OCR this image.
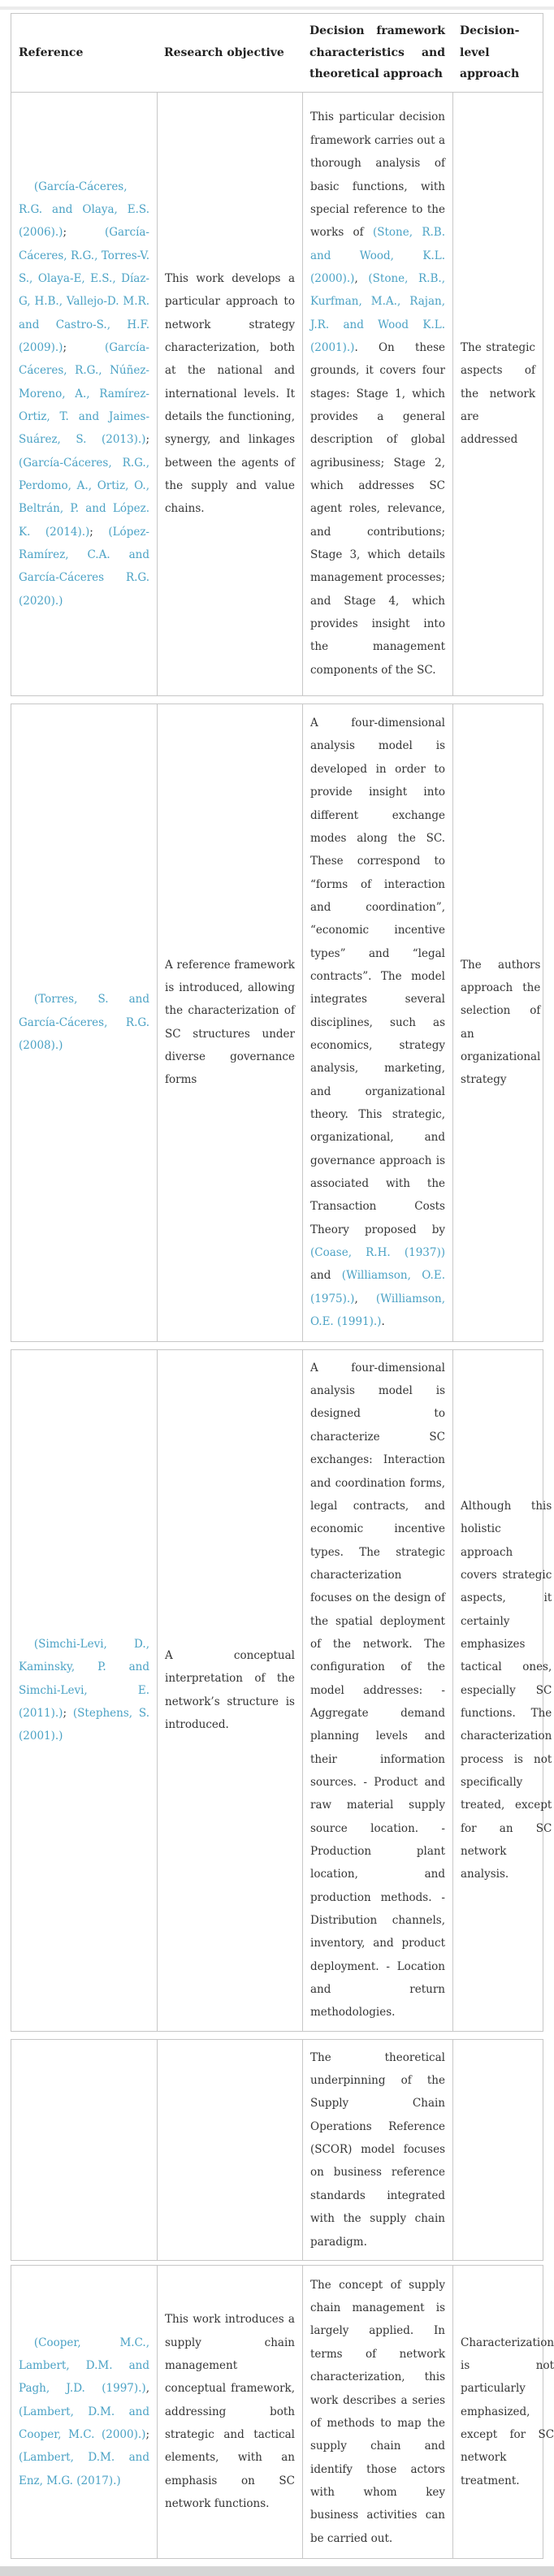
Reference	Research objective
Decision framework characteristics and theoretical approach
Decision-level approach
(García-Cáceres, R.G. and Olaya, E.S. (2006).); (García-Cáceres, R.G., Torres-V. S., Olaya-E, E.S., Díaz-G, H.B., Vallejo-D. M.R. and Castro-S., H.F. (2009).); (García-Cáceres, R.G., Núñez-Moreno, A., Ramírez-Ortiz, T. and Jaimes-Suárez, S. (2013).); (García-Cáceres, R.G., Perdomo, A., Ortiz, O., Beltrán, P. and López. K. (2014).); (López-Ramírez, C.A. and García-Cáceres R.G. (2020).)
This work develops a particular approach to network strategy characterization, both at the national and international levels. It details the functioning, synergy, and linkages between the agents of the supply and value chains.
This particular decision framework carries out a thorough analysis of basic functions, with special reference to the works of (Stone, R.B. and Wood, K.L. (2000).), (Stone, R.B., Kurfman, M.A., Rajan, J.R. and Wood K.L. (2001).). On these grounds, it covers four stages: Stage 1, which provides a general description of global agribusiness; Stage 2, which addresses SC agent roles, relevance, and contributions; Stage 3, which details management processes; and Stage 4, which provides insight into the management components of the SC.
The strategic aspects of the network are addressed
(Torres, S. and García-Cáceres, R.G. (2008).)
A reference framework is introduced, allowing the characterization of SC structures under diverse governance forms
A four-dimensional analysis model is developed in order to provide insight into different exchange modes along the SC. These correspond to “forms of interaction and coordination”, “economic incentive types” and “legal contracts”. The model integrates several disciplines, such as economics, strategy analysis, marketing, and organizational theory. This strategic, organizational, and governance approach is associated with the Transaction Costs Theory proposed by (Coase, R.H. (1937)) and (Williamson, O.E. (1975).), (Williamson, O.E. (1991).).
The authors approach the selection of an organizational strategy
(Simchi-Levi, D., Kaminsky, P. and Simchi-Levi, E. (2011).); (Stephens, S. (2001).)
A conceptual interpretation of the network’s structure is introduced.
A four-dimensional analysis model is designed to characterize SC exchanges: Interaction and coordination forms, legal contracts, and economic incentive types. The strategic characterization focuses on the design of the spatial deployment of the network. The configuration of the model addresses: - Aggregate demand planning levels and their information sources. - Product and raw material supply source location. - Production plant location, and production methods. - Distribution channels, inventory, and product deployment. - Location and return methodologies.
Although this holistic approach covers strategic aspects, it certainly emphasizes tactical ones, especially SC functions. The characterization process is not specifically treated, except for an SC network analysis.
The theoretical underpinning of the Supply Chain Operations Reference (SCOR) model focuses on business reference standards integrated with the supply chain paradigm.
(Cooper, M.C., Lambert, D.M. and Pagh, J.D. (1997).), (Lambert, D.M. and Cooper, M.C. (2000).); (Lambert, D.M. and Enz, M.G. (2017).)
This work introduces a supply chain management conceptual framework, addressing both strategic and tactical elements, with an emphasis on SC network functions.
The concept of supply chain management is largely applied. In terms of network characterization, this work describes a series of methods to map the supply chain and identify those actors with whom key business activities can be carried out.
Characterization is not particularly emphasized, except for SC network treatment.
